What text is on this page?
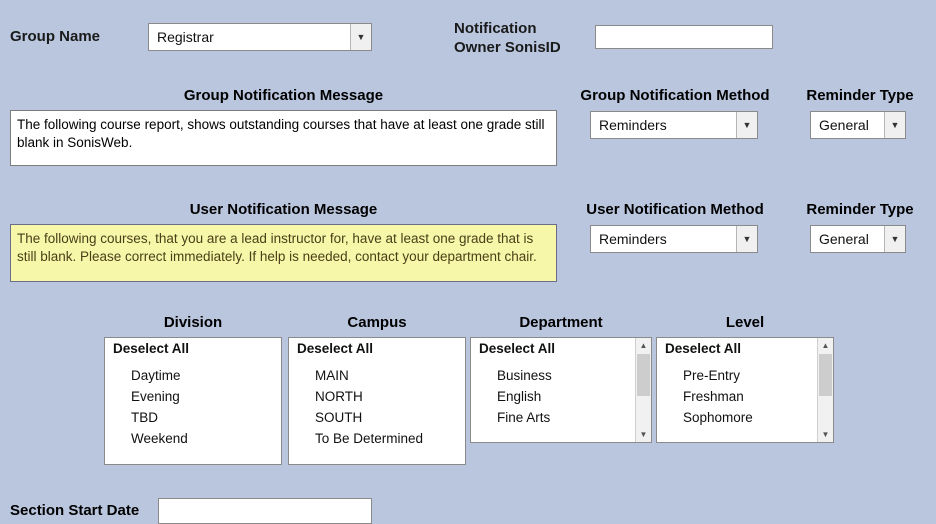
Group Name	Registrar	▼	Notification Owner SonisID
Group Notification Message	Group Notification Method	Reminder Type
The following course report, shows outstanding courses that have at least one grade still blank in SonisWeb.
Reminders	▼	General	▼
User Notification Message	User Notification Method	Reminder Type
The following courses, that you are a lead instructor for, have at least one grade that is still blank. Please correct immediately. If help is needed, contact your department chair.
Reminders	▼	General	▼
Division
Deselect All
Daytime
Evening
TBD
Weekend
Campus
Deselect All
MAIN
NORTH
SOUTH
To Be Determined
Department
Deselect All
Business
English
Fine Arts
▲
▼
Level
Deselect All
Pre-Entry
Freshman
Sophomore
▲
▼
Section Start Date
